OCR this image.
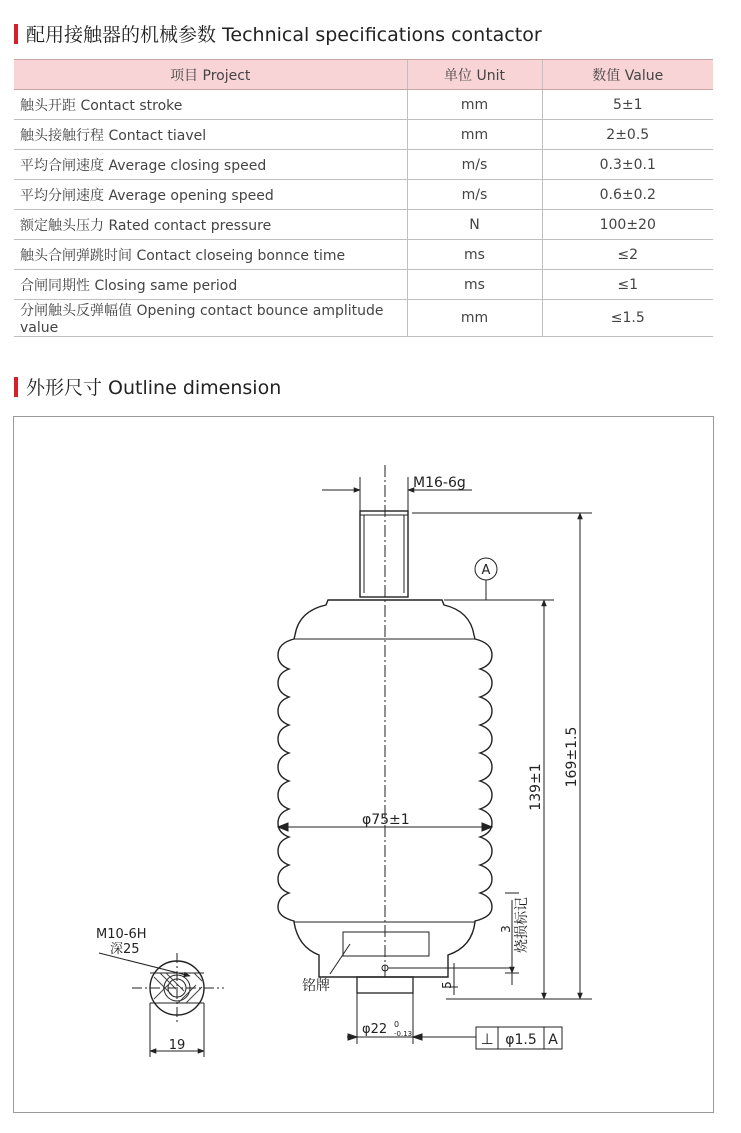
配用接触器的机械参数 Technical specifications contactor
项目 Project	单位 Unit	数值 Value
触头开距 Contact stroke	mm	5±1
触头接触行程 Contact tiavel	mm	2±0.5
平均合闸速度 Average closing speed	m/s	0.3±0.1
平均分闸速度 Average opening speed	m/s	0.6±0.2
额定触头压力 Rated contact pressure	N	100±20
触头合闸弹跳时间 Contact closeing bonnce time	ms	≤2
合闸同期性 Closing same period	ms	≤1
分闸触头反弹幅值 Opening contact bounce amplitude value	mm	≤1.5
外形尺寸 Outline dimension
M16-6g
A
φ75±1
139±1 169±1.5
3 烧损标记
铭牌	5
φ22 0
-0.13	⊥ φ1.5 A
M10-6H
深25
19
